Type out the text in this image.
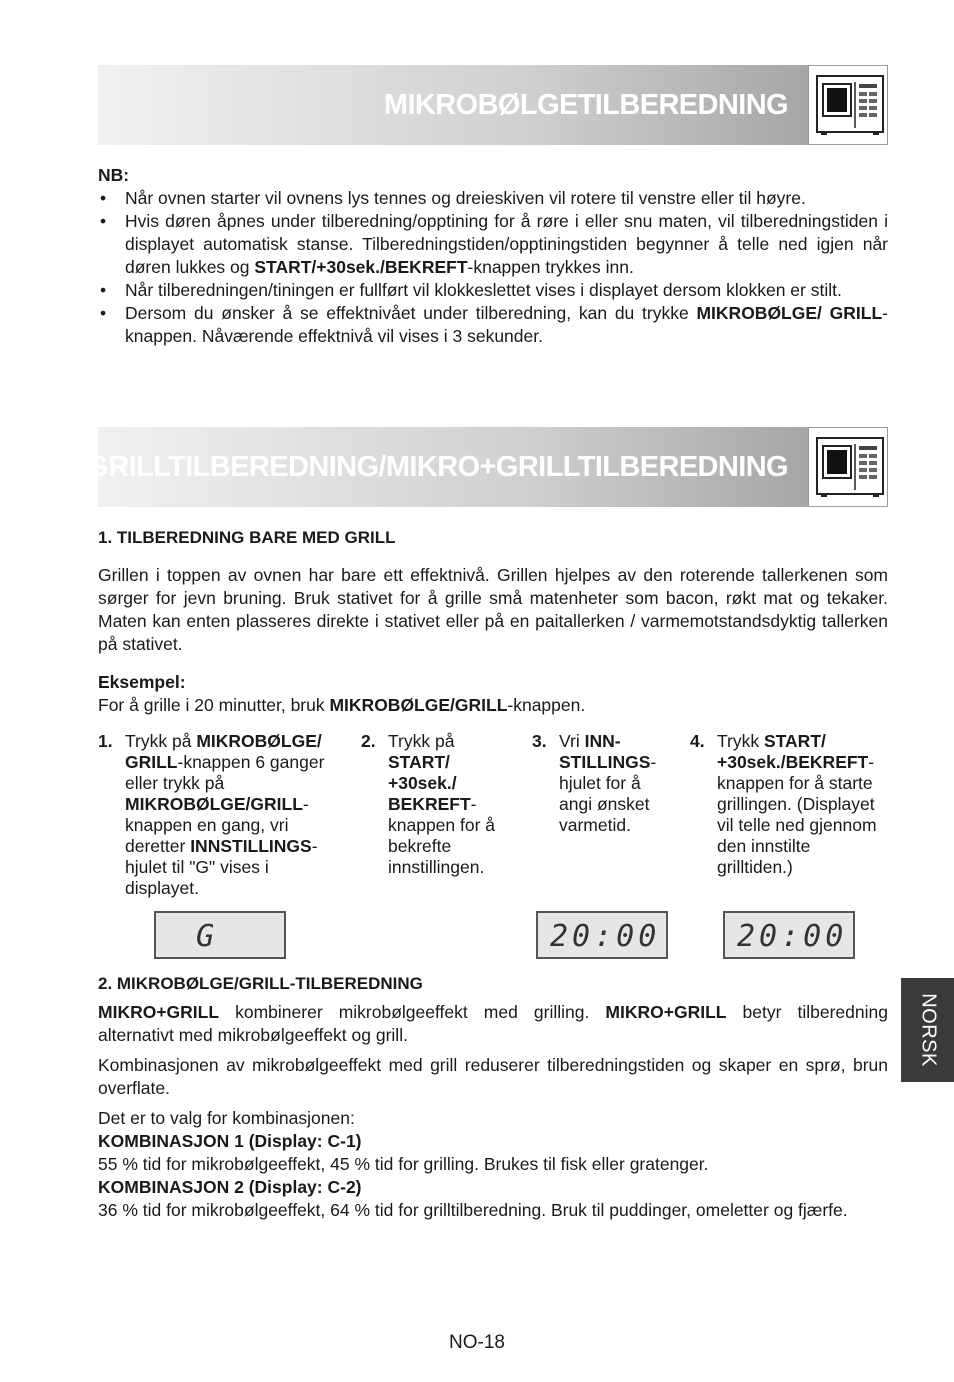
MIKROBØLGETILBEREDNING

NB:

• Når ovnen starter vil ovnens lys tennes og dreieskiven vil rotere til venstre eller til høyre.
• Hvis døren åpnes under tilberedning/opptining for å røre i eller snu maten, vil tilberedningstiden i displayet automatisk stanse. Tilberedningstiden/opptiningstiden begynner å telle ned igjen når døren lukkes og START/+30sek./BEKREFT-knappen trykkes inn.
• Når tilberedningen/tiningen er fullført vil klokkeslettet vises i displayet dersom klokken er stilt.
• Dersom du ønsker å se effektnivået under tilberedning, kan du trykke MIKROBØLGE/ GRILL-knappen. Nåværende effektnivå vil vises i 3 sekunder.
GRILLTILBEREDNING/MIKRO+GRILLTILBEREDNING

1. TILBEREDNING BARE MED GRILL

Grillen i toppen av ovnen har bare ett effektnivå. Grillen hjelpes av den roterende tallerkenen som sørger for jevn bruning. Bruk stativet for å grille små matenheter som bacon, røkt mat og tekaker. Maten kan enten plasseres direkte i stativet eller på en paitallerken / varmemotstandsdyktig tallerken på stativet.

Eksempel:

For å grille i 20 minutter, bruk MIKROBØLGE/GRILL-knappen.

1. Trykk på MIKROBØLGE/ GRILL-knappen 6 ganger eller trykk på MIKROBØLGE/GRILL-knappen en gang, vri deretter INNSTILLINGS-hjulet til "G" vises i displayet.
2. Trykk på START/ +30sek./ BEKREFT-knappen for å bekrefte innstillingen.
3. Vri INN-STILLINGS-hjulet for å angi ønsket varmetid.
4. Trykk START/ +30sek./BEKREFT-knappen for å starte grillingen. (Displayet vil telle ned gjennom den innstilte grilltiden.)
G	20:00	20:00

2. MIKROBØLGE/GRILL-TILBEREDNING

MIKRO+GRILL kombinerer mikrobølgeeffekt med grilling. MIKRO+GRILL betyr tilberedning alternativt med mikrobølgeeffekt og grill.

Kombinasjonen av mikrobølgeeffekt med grill reduserer tilberedningstiden og skaper en sprø, brun overflate.

Det er to valg for kombinasjonen:

KOMBINASJON 1 (Display: C-1)

55 % tid for mikrobølgeeffekt, 45 % tid for grilling. Brukes til fisk eller gratenger.

KOMBINASJON 2 (Display: C-2)

36 % tid for mikrobølgeeffekt, 64 % tid for grilltilberedning. Bruk til puddinger, omeletter og fjærfe.

NORSK
NO-18
